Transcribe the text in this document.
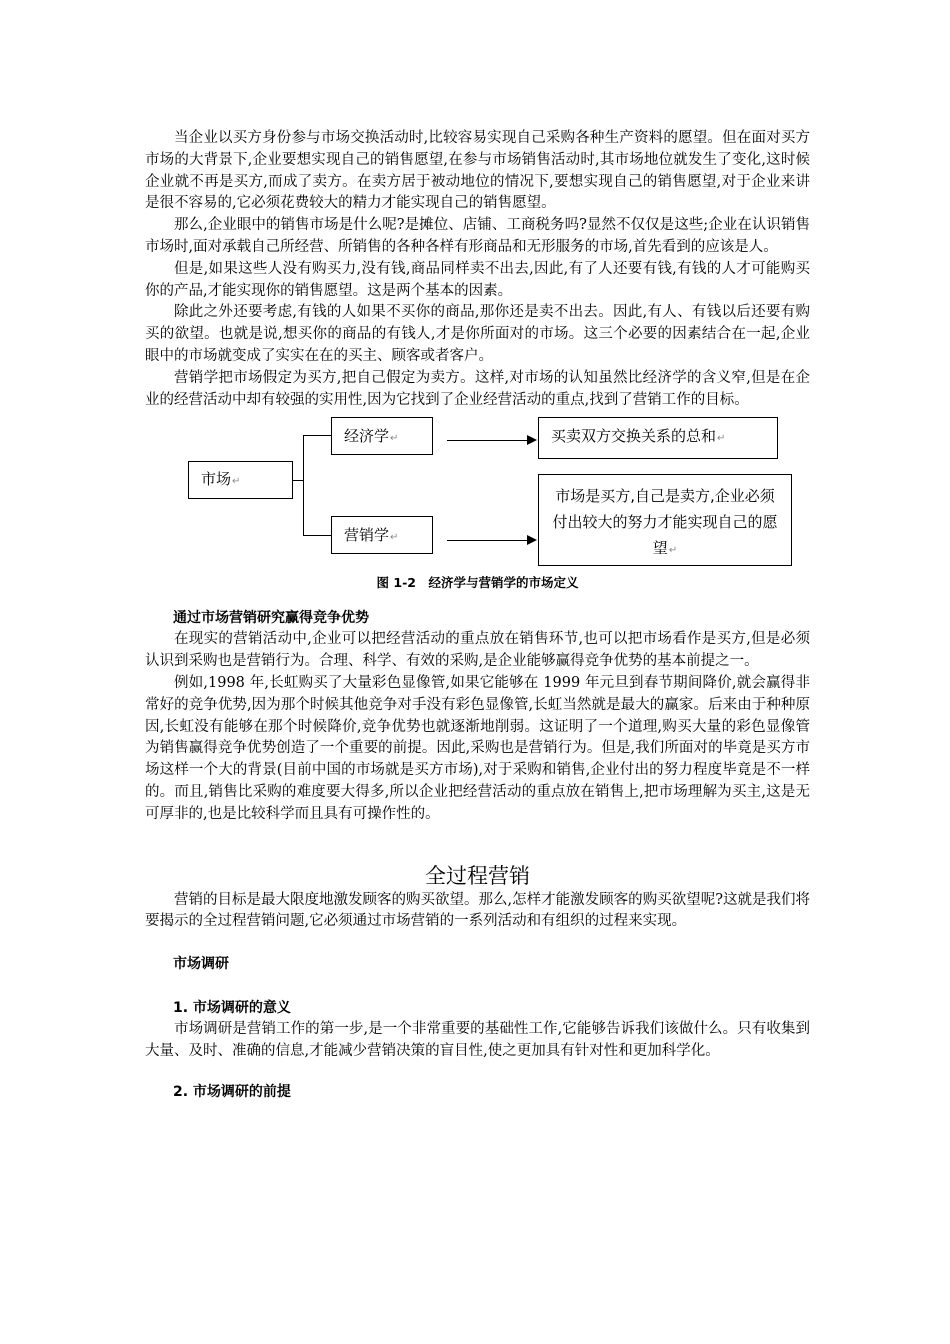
当企业以买方身份参与市场交换活动时,比较容易实现自己采购各种生产资料的愿望。但在面对买方市场的大背景下,企业要想实现自己的销售愿望,在参与市场销售活动时,其市场地位就发生了变化,这时候企业就不再是买方,而成了卖方。在卖方居于被动地位的情况下,要想实现自己的销售愿望,对于企业来讲是很不容易的,它必须花费较大的精力才能实现自己的销售愿望。

那么,企业眼中的销售市场是什么呢?是摊位、店铺、工商税务吗?显然不仅仅是这些;企业在认识销售市场时,面对承载自己所经营、所销售的各种各样有形商品和无形服务的市场,首先看到的应该是人。

但是,如果这些人没有购买力,没有钱,商品同样卖不出去,因此,有了人还要有钱,有钱的人才可能购买你的产品,才能实现你的销售愿望。这是两个基本的因素。

除此之外还要考虑,有钱的人如果不买你的商品,那你还是卖不出去。因此,有人、有钱以后还要有购买的欲望。也就是说,想买你的商品的有钱人,才是你所面对的市场。这三个必要的因素结合在一起,企业眼中的市场就变成了实实在在的买主、顾客或者客户。

营销学把市场假定为买方,把自己假定为卖方。这样,对市场的认知虽然比经济学的含义窄,但是在企业的经营活动中却有较强的实用性,因为它找到了企业经营活动的重点,找到了营销工作的目标。

市场↵
经济学↵
营销学↵
买卖双方交换关系的总和↵
市场是买方,自己是卖方,企业必须付出较大的努力才能实现自己的愿望↵
图 1-2　经济学与营销学的市场定义

通过市场营销研究赢得竞争优势

在现实的营销活动中,企业可以把经营活动的重点放在销售环节,也可以把市场看作是买方,但是必须认识到采购也是营销行为。合理、科学、有效的采购,是企业能够赢得竞争优势的基本前提之一。

例如,1998 年,长虹购买了大量彩色显像管,如果它能够在 1999 年元旦到春节期间降价,就会赢得非常好的竞争优势,因为那个时候其他竞争对手没有彩色显像管,长虹当然就是最大的赢家。后来由于种种原因,长虹没有能够在那个时候降价,竞争优势也就逐渐地削弱。这证明了一个道理,购买大量的彩色显像管为销售赢得竞争优势创造了一个重要的前提。因此,采购也是营销行为。但是,我们所面对的毕竟是买方市场这样一个大的背景(目前中国的市场就是买方市场),对于采购和销售,企业付出的努力程度毕竟是不一样的。而且,销售比采购的难度要大得多,所以企业把经营活动的重点放在销售上,把市场理解为买主,这是无可厚非的,也是比较科学而且具有可操作性的。

全过程营销

营销的目标是最大限度地激发顾客的购买欲望。那么,怎样才能激发顾客的购买欲望呢?这就是我们将要揭示的全过程营销问题,它必须通过市场营销的一系列活动和有组织的过程来实现。

市场调研

1. 市场调研的意义

市场调研是营销工作的第一步,是一个非常重要的基础性工作,它能够告诉我们该做什么。只有收集到大量、及时、准确的信息,才能减少营销决策的盲目性,使之更加具有针对性和更加科学化。

2. 市场调研的前提
